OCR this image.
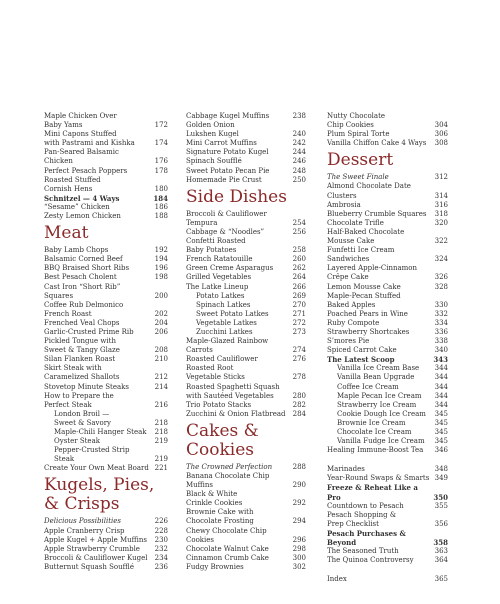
Maple Chicken Over
Baby Yams	172
Mini Capons Stuffed
with Pastrami and Kishka	174
Pan-Seared Balsamic
Chicken	176
Perfect Pesach Poppers	178
Roasted Stuffed
Cornish Hens	180
Schnitzel — 4 Ways	184
“Sesame” Chicken	186
Zesty Lemon Chicken	188
Meat
Baby Lamb Chops	192
Balsamic Corned Beef	194
BBQ Braised Short Ribs	196
Best Pesach Cholent	198
Cast Iron “Short Rib”
Squares	200
Coffee Rub Delmonico
French Roast	202
Frenched Veal Chops	204
Garlic-Crusted Prime Rib	206
Pickled Tongue with
Sweet & Tangy Glaze	208
Silan Flanken Roast	210
Skirt Steak with
Caramelized Shallots	212
Stovetop Minute Steaks	214
How to Prepare the
Perfect Steak	216
London Broil —
Sweet & Savory	218
Maple-Chili Hanger Steak	218
Oyster Steak	219
Pepper-Crusted Strip Steak	219
Create Your Own Meat Board 221
Kugels, Pies,
& Crisps
Delicious Possibilities	226
Apple Cranberry Crisp	228
Apple Kugel + Apple Muffins	230
Apple Strawberry Crumble	232
Broccoli & Cauliflower Kugel	234
Butternut Squash Soufflé	236
Cabbage Kugel Muffins	238
Golden Onion
Lukshen Kugel	240
Mini Carrot Muffins	242
Signature Potato Kugel	244
Spinach Soufflé	246
Sweet Potato Pecan Pie	248
Homemade Pie Crust	250
Side Dishes
Broccoli & Cauliflower
Tempura	254
Cabbage & “Noodles”	256
Confetti Roasted
Baby Potatoes	258
French Ratatouille	260
Green Creme Asparagus	262
Grilled Vegetables	264
The Latke Lineup	266
Potato Latkes	269
Spinach Latkes	270
Sweet Potato Latkes	271
Vegetable Latkes	272
Zucchini Latkes	273
Maple-Glazed Rainbow
Carrots	274
Roasted Cauliflower	276
Roasted Root
Vegetable Sticks	278
Roasted Spaghetti Squash
with Sautéed Vegetables	280
Trio Potato Stacks	282
Zucchini & Onion Flatbread	284
Cakes & Cookies
The Crowned Perfection	288
Banana Chocolate Chip
Muffins	290
Black & White
Crinkle Cookies	292
Brownie Cake with
Chocolate Frosting	294
Chewy Chocolate Chip
Cookies	296
Chocolate Walnut Cake	298
Cinnamon Crumb Cake	300
Fudgy Brownies	302
Nutty Chocolate
Chip Cookies	304
Plum Spiral Torte	306
Vanilla Chiffon Cake 4 Ways	308
Dessert
The Sweet Finale	312
Almond Chocolate Date
Clusters	314
Ambrosia	316
Blueberry Crumble Squares	318
Chocolate Trifle	320
Half-Baked Chocolate
Mousse Cake	322
Funfetti Ice Cream
Sandwiches	324
Layered Apple-Cinnamon
Crêpe Cake	326
Lemon Mousse Cake	328
Maple-Pecan Stuffed
Baked Apples	330
Poached Pears in Wine	332
Ruby Compote	334
Strawberry Shortcakes	336
S’mores Pie	338
Spiced Carrot Cake	340
The Latest Scoop	343
Vanilla Ice Cream Base	344
Vanilla Bean Upgrade	344
Coffee Ice Cream	344
Maple Pecan Ice Cream	344
Strawberry Ice Cream	344
Cookie Dough Ice Cream	345
Brownie Ice Cream	345
Chocolate Ice Cream	345
Vanilla Fudge Ice Cream	345
Healing Immune-Boost Tea	346
Marinades	348
Year-Round Swaps & Smarts 349
Freeze & Reheat Like a Pro	350
Countdown to Pesach	355
Pesach Shopping &
Prep Checklist	356
Pesach Purchases & Beyond	358
The Seasoned Truth	363
The Quinoa Controversy	364
Index	365
